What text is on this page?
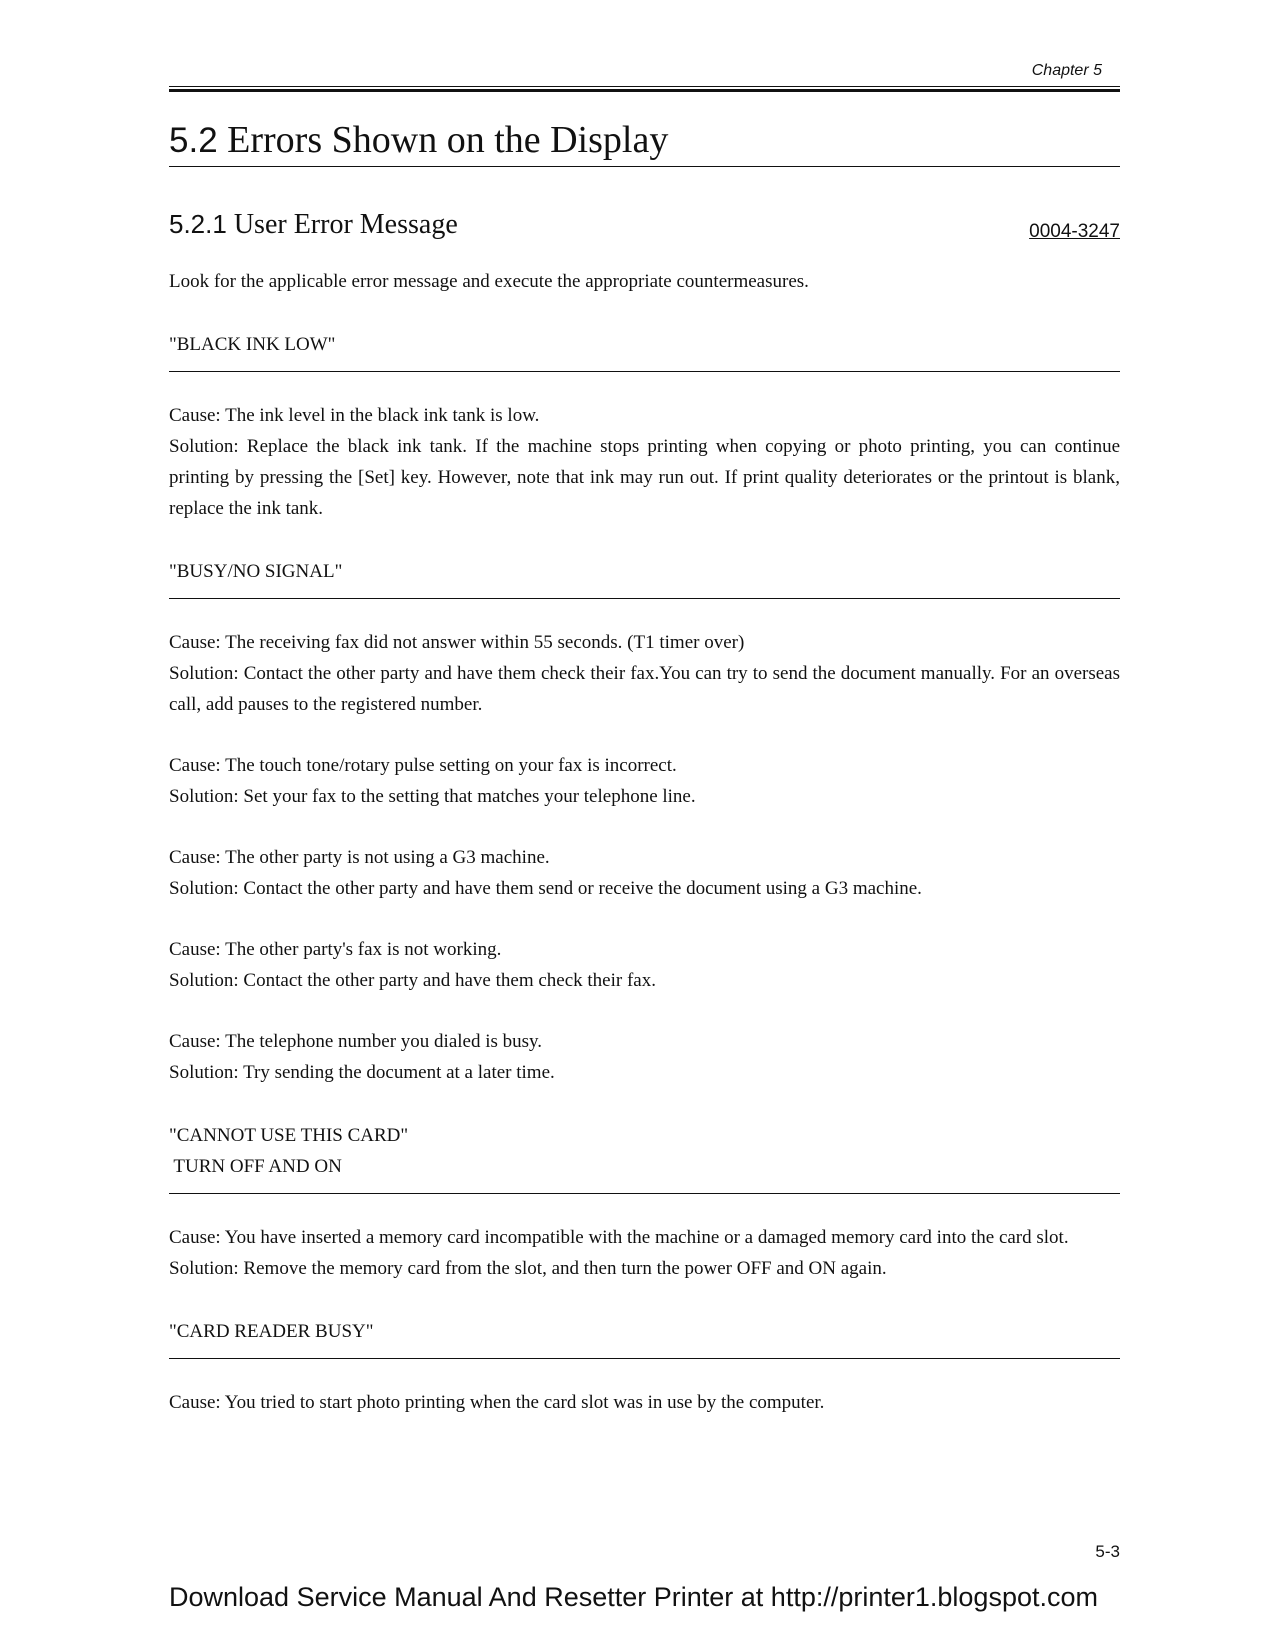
Chapter 5
5.2 Errors Shown on the Display
5.2.1 User Error Message	0004-3247

Look for the applicable error message and execute the appropriate countermeasures.

"BLACK INK LOW"

Cause: The ink level in the black ink tank is low.

Solution: Replace the black ink tank. If the machine stops printing when copying or photo printing, you can continue printing by pressing the [Set] key. However, note that ink may run out. If print quality deteriorates or the printout is blank, replace the ink tank.

"BUSY/NO SIGNAL"

Cause: The receiving fax did not answer within 55 seconds. (T1 timer over)

Solution: Contact the other party and have them check their fax.You can try to send the document manually. For an overseas call, add pauses to the registered number.

Cause: The touch tone/rotary pulse setting on your fax is incorrect.

Solution: Set your fax to the setting that matches your telephone line.

Cause: The other party is not using a G3 machine.

Solution: Contact the other party and have them send or receive the document using a G3 machine.

Cause: The other party's fax is not working.

Solution: Contact the other party and have them check their fax.

Cause: The telephone number you dialed is busy.

Solution: Try sending the document at a later time.

"CANNOT USE THIS CARD"
TURN OFF AND ON

Cause: You have inserted a memory card incompatible with the machine or a damaged memory card into the card slot.

Solution: Remove the memory card from the slot, and then turn the power OFF and ON again.

"CARD READER BUSY"

Cause: You tried to start photo printing when the card slot was in use by the computer.

5-3
Download Service Manual And Resetter Printer at http://printer1.blogspot.com
